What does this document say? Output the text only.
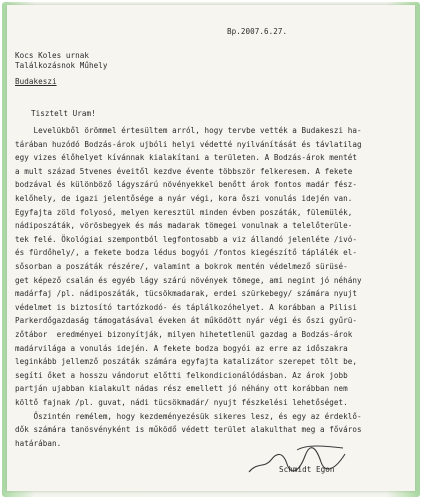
Bp.2007.6.27.
Kocs Koles urnak
Találkozásnok Műhely
Budakeszi
Tisztelt Uram!
Levelükből örömmel értesültem arról, hogy tervbe vették a Budakeszi ha-
tárában huzódó Bodzás-árok ujbóli helyi védetté nyilvánítását és távlatilag
egy vizes élőhelyet kívánnak kialakítani a területen. A Bodzás-árok mentét
a mult század 5tvenes éveitől kezdve évente többször felkeresem. A fekete
bodzával és különböző lágyszárú növényekkel benőtt árok fontos madár fész-
kelőhely, de igazi jelentősége a nyár végi, kora őszi vonulás idején van.
Egyfajta zöld folyosó, melyen keresztül minden évben poszáták, fülemülék,
nádiposzáták, vörösbegyek és más madarak tömegei vonulnak a telelőterüle-
tek felé. Ökológiai szempontból legfontosabb a viz állandó jelenléte /ivó-
és fürdőhely/, a fekete bodza lédus bogyói /fontos kiegészítő táplálék el-
sősorban a poszáták részére/, valamint a bokrok mentén védelmező sürüsé-
get képező csalán és egyéb lágy szárú növények tömege, ami negint jó néhány
madárfaj /pl. nádiposzáták, tücsökmadarak, erdei szürkebegy/ számára nyujt
védelmet is biztosító tartózkodó- és táplálkozóhelyet. A korábban a Pilisi
Parkerdőgazdaság támogatásával éveken át működött nyár végi és őszi gyűrü-
zőtábor  eredményei bizonyítják, milyen hihetetlenül gazdag a Bodzás-árok
madárvilága a vonulás idején. A fekete bodza bogyói az erre az időszakra
leginkább jellemző poszáták számára egyfajta katalizátor szerepet tölt be,
segíti őket a hosszu vándorut előtti felkondicionálódásban. Az árok jobb
partján ujabban kialakult nádas rész emellett jó néhány ott korábban nem
költő fajnak /pl. guvat, nádi tücsökmadár/ nyujt fészkelési lehetőséget.
Őszintén remélem, hogy kezdeményezésük sikeres lesz, és egy az érdeklő-
dők számára tanösvényként is működő védett terület alakulthat meg a főváros
határában.
Schmidt Egon
